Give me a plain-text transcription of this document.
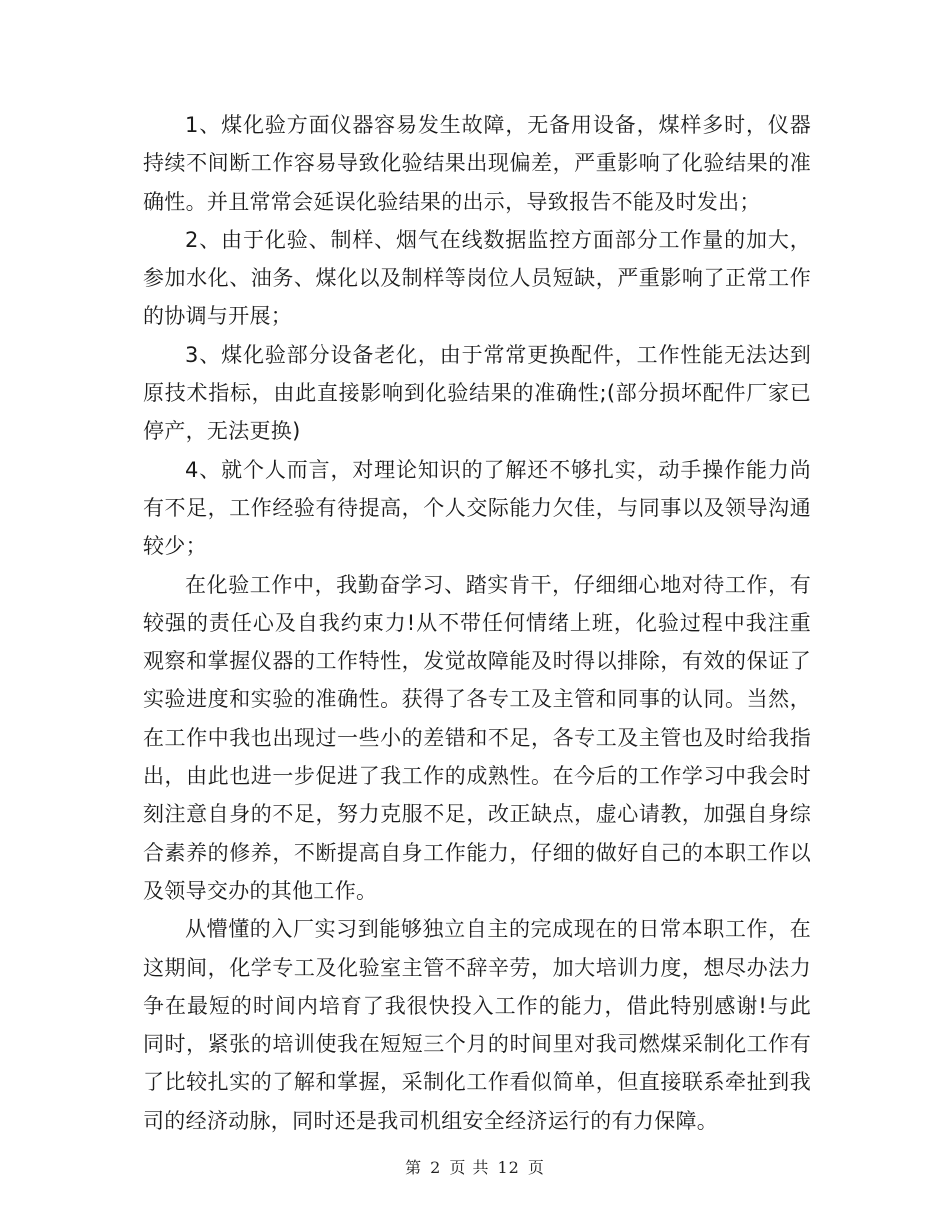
1、煤化验方面仪器容易发生故障，无备用设备，煤样多时，仪器持续不间断工作容易导致化验结果出现偏差，严重影响了化验结果的准确性。并且常常会延误化验结果的出示，导致报告不能及时发出；

2、由于化验、制样、烟气在线数据监控方面部分工作量的加大，参加水化、油务、煤化以及制样等岗位人员短缺，严重影响了正常工作的协调与开展；

3、煤化验部分设备老化，由于常常更换配件，工作性能无法达到原技术指标，由此直接影响到化验结果的准确性;(部分损坏配件厂家已停产，无法更换)

4、就个人而言，对理论知识的了解还不够扎实，动手操作能力尚有不足，工作经验有待提高，个人交际能力欠佳，与同事以及领导沟通较少；

在化验工作中，我勤奋学习、踏实肯干，仔细细心地对待工作，有较强的责任心及自我约束力!从不带任何情绪上班，化验过程中我注重观察和掌握仪器的工作特性，发觉故障能及时得以排除，有效的保证了实验进度和实验的准确性。获得了各专工及主管和同事的认同。当然，在工作中我也出现过一些小的差错和不足，各专工及主管也及时给我指出，由此也进一步促进了我工作的成熟性。在今后的工作学习中我会时刻注意自身的不足，努力克服不足，改正缺点，虚心请教，加强自身综合素养的修养，不断提高自身工作能力，仔细的做好自己的本职工作以及领导交办的其他工作。

从懵懂的入厂实习到能够独立自主的完成现在的日常本职工作，在这期间，化学专工及化验室主管不辞辛劳，加大培训力度，想尽办法力争在最短的时间内培育了我很快投入工作的能力，借此特别感谢!与此同时，紧张的培训使我在短短三个月的时间里对我司燃煤采制化工作有了比较扎实的了解和掌握，采制化工作看似简单，但直接联系牵扯到我司的经济动脉，同时还是我司机组安全经济运行的有力保障。

第 2 页 共 12 页
